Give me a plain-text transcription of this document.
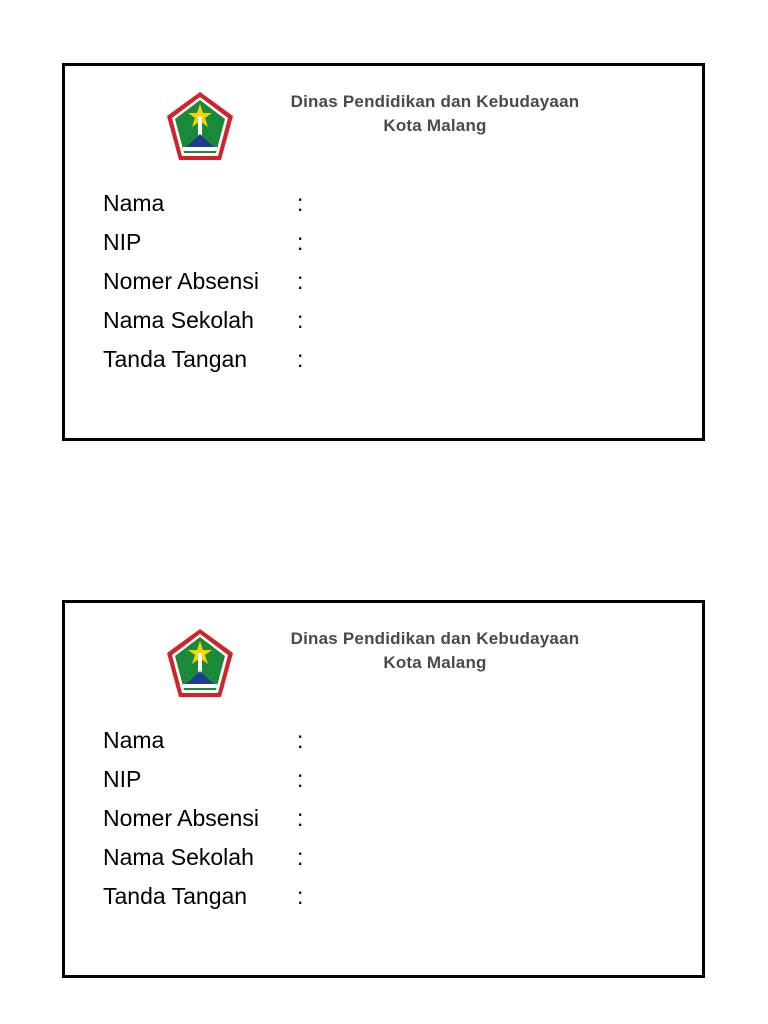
Dinas Pendidikan dan Kebudayaan
Kota Malang
Nama	:
NIP	:
Nomer Absensi	:
Nama Sekolah	:
Tanda Tangan	:
Dinas Pendidikan dan Kebudayaan
Kota Malang
Nama	:
NIP	:
Nomer Absensi	:
Nama Sekolah	:
Tanda Tangan	:
